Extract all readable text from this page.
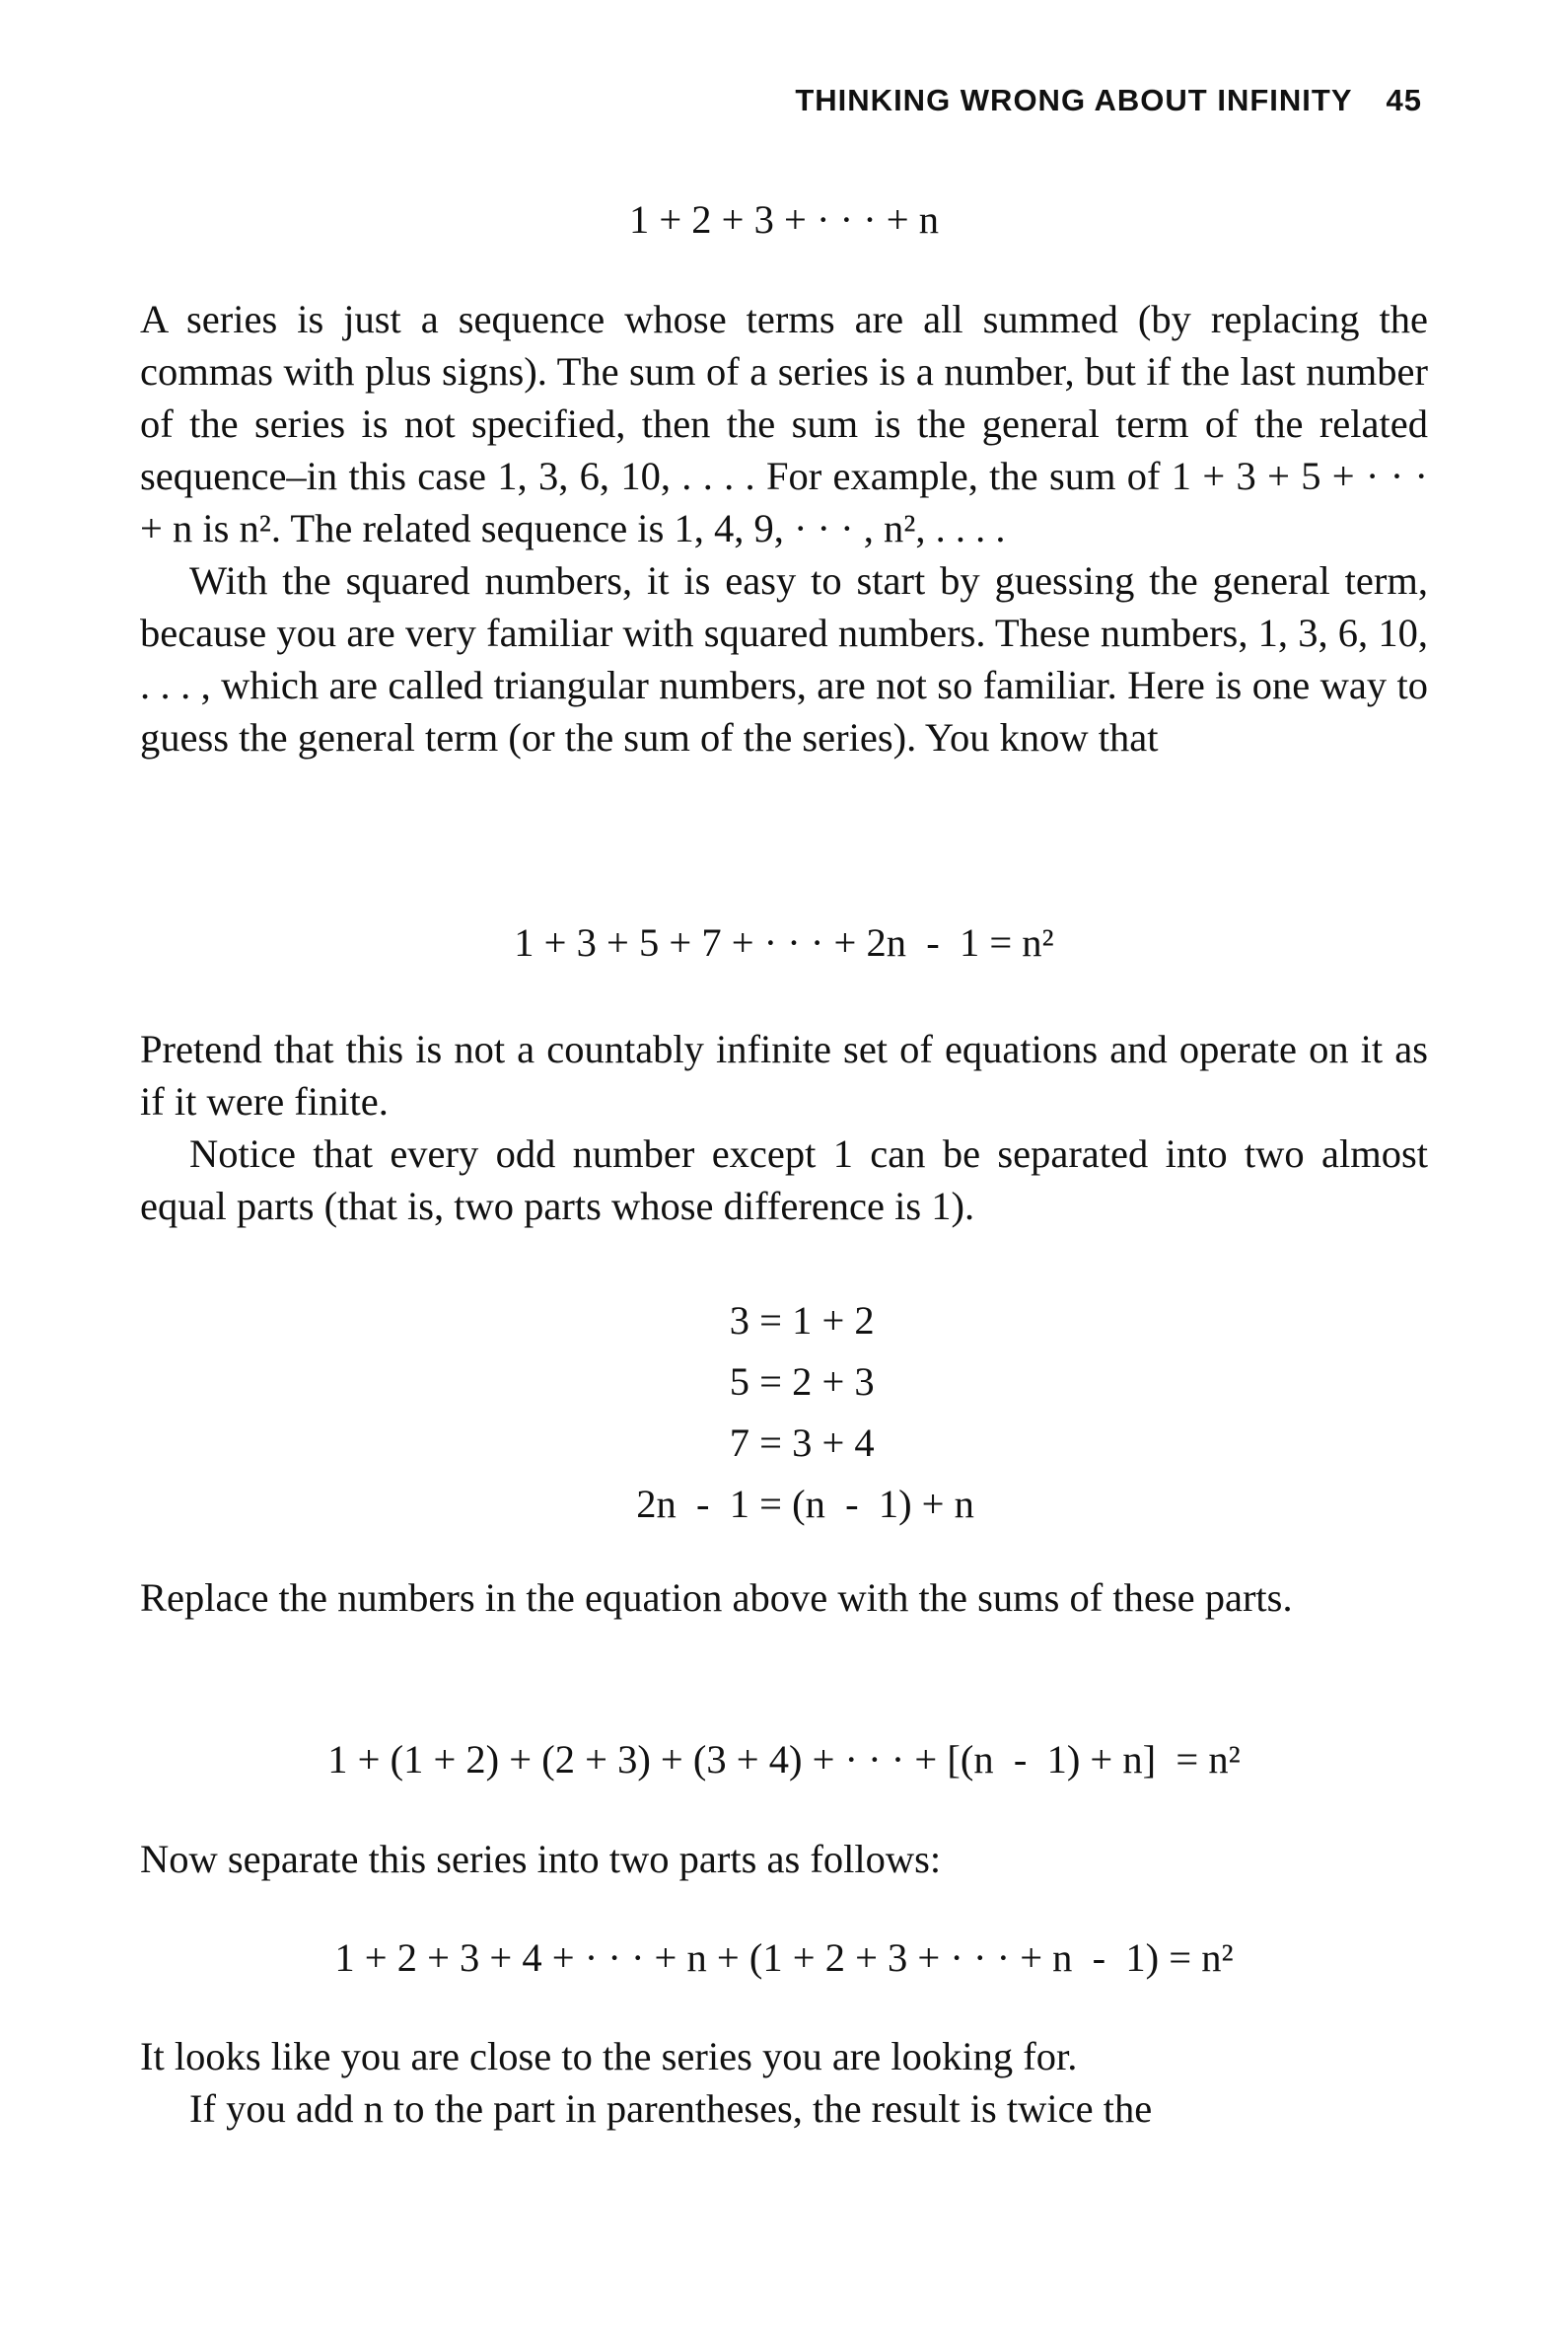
THINKING WRONG ABOUT INFINITY 45
1 + 2 + 3 + · · · + n

A series is just a sequence whose terms are all summed (by replacing the commas with plus signs). The sum of a series is a number, but if the last number of the series is not specified, then the sum is the general term of the related sequence–in this case 1, 3, 6, 10, . . . . For example, the sum of 1 + 3 + 5 + · · · + n is n². The related sequence is 1, 4, 9, · · · , n², . . . .

With the squared numbers, it is easy to start by guessing the general term, because you are very familiar with squared numbers. These numbers, 1, 3, 6, 10, . . . , which are called triangular numbers, are not so familiar. Here is one way to guess the general term (or the sum of the series). You know that

1 + 3 + 5 + 7 + · · · + 2n  -  1 = n²

Pretend that this is not a countably infinite set of equations and operate on it as if it were finite.

Notice that every odd number except 1 can be separated into two almost equal parts (that is, two parts whose difference is 1).

3 = 1 + 2
5 = 2 + 3
7 = 3 + 4
2n  -  1 = (n  -  1) + n

Replace the numbers in the equation above with the sums of these parts.

1 + (1 + 2) + (2 + 3) + (3 + 4) + · · · + [(n  -  1) + n]  = n²

Now separate this series into two parts as follows:

1 + 2 + 3 + 4 + · · · + n + (1 + 2 + 3 + · · · + n  -  1) = n²

It looks like you are close to the series you are looking for.

If you add n to the part in parentheses, the result is twice the
